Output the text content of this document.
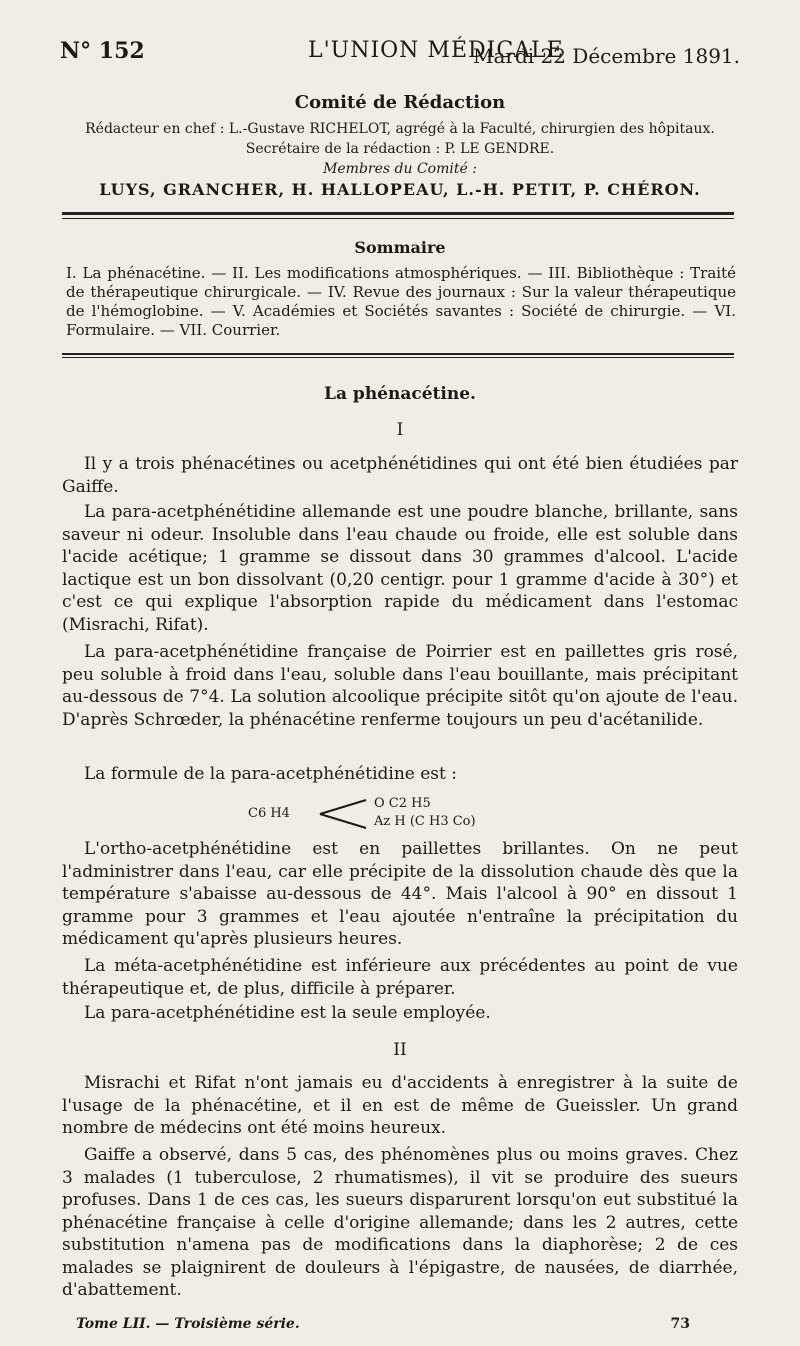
N° 152	L'UNION MÉDICALE
Mardi 22 Décembre 1891.
Comité de Rédaction
Rédacteur en chef : L.-Gustave RICHELOT, agrégé à la Faculté, chirurgien des hôpitaux.
Secrétaire de la rédaction : P. LE GENDRE.
Membres du Comité :
LUYS, GRANCHER, H. HALLOPEAU, L.-H. PETIT, P. CHÉRON.
Sommaire
I. La phénacétine. — II. Les modifications atmosphériques. — III. Bibliothèque : Traité de thérapeutique chirurgicale. — IV. Revue des journaux : Sur la valeur thérapeutique de l'hémoglobine. — V. Académies et Sociétés savantes : Société de chirurgie. — VI. Formulaire. — VII. Courrier.
La phénacétine.
I
Il y a trois phénacétines ou acetphénétidines qui ont été bien étudiées par Gaiffe.
La para-acetphénétidine allemande est une poudre blanche, brillante, sans saveur ni odeur. Insoluble dans l'eau chaude ou froide, elle est soluble dans l'acide acétique; 1 gramme se dissout dans 30 grammes d'alcool. L'acide lactique est un bon dissolvant (0,20 centigr. pour 1 gramme d'acide à 30°) et c'est ce qui explique l'absorption rapide du médicament dans l'estomac (Misrachi, Rifat).
La para-acetphénétidine française de Poirrier est en paillettes gris rosé, peu soluble à froid dans l'eau, soluble dans l'eau bouillante, mais précipitant au-dessous de 7°4. La solution alcoolique précipite sitôt qu'on ajoute de l'eau. D'après Schrœder, la phénacétine renferme toujours un peu d'acétanilide.
La formule de la para-acetphénétidine est :
C6 H4
O C2 H5
Az H (C H3 Co)
L'ortho-acetphénétidine est en paillettes brillantes. On ne peut l'administrer dans l'eau, car elle précipite de la dissolution chaude dès que la température s'abaisse au-dessous de 44°. Mais l'alcool à 90° en dissout 1 gramme pour 3 grammes et l'eau ajoutée n'entraîne la précipitation du médicament qu'après plusieurs heures.
La méta-acetphénétidine est inférieure aux précédentes au point de vue thérapeutique et, de plus, difficile à préparer.
La para-acetphénétidine est la seule employée.
II
Misrachi et Rifat n'ont jamais eu d'accidents à enregistrer à la suite de l'usage de la phénacétine, et il en est de même de Gueissler. Un grand nombre de médecins ont été moins heureux.
Gaiffe a observé, dans 5 cas, des phénomènes plus ou moins graves. Chez 3 malades (1 tuberculose, 2 rhumatismes), il vit se produire des sueurs profuses. Dans 1 de ces cas, les sueurs disparurent lorsqu'on eut substitué la phénacétine française à celle d'origine allemande; dans les 2 autres, cette substitution n'amena pas de modifications dans la diaphorèse; 2 de ces malades se plaignirent de douleurs à l'épigastre, de nausées, de diarrhée, d'abattement.
Tome LII. — Troisième série.	73
